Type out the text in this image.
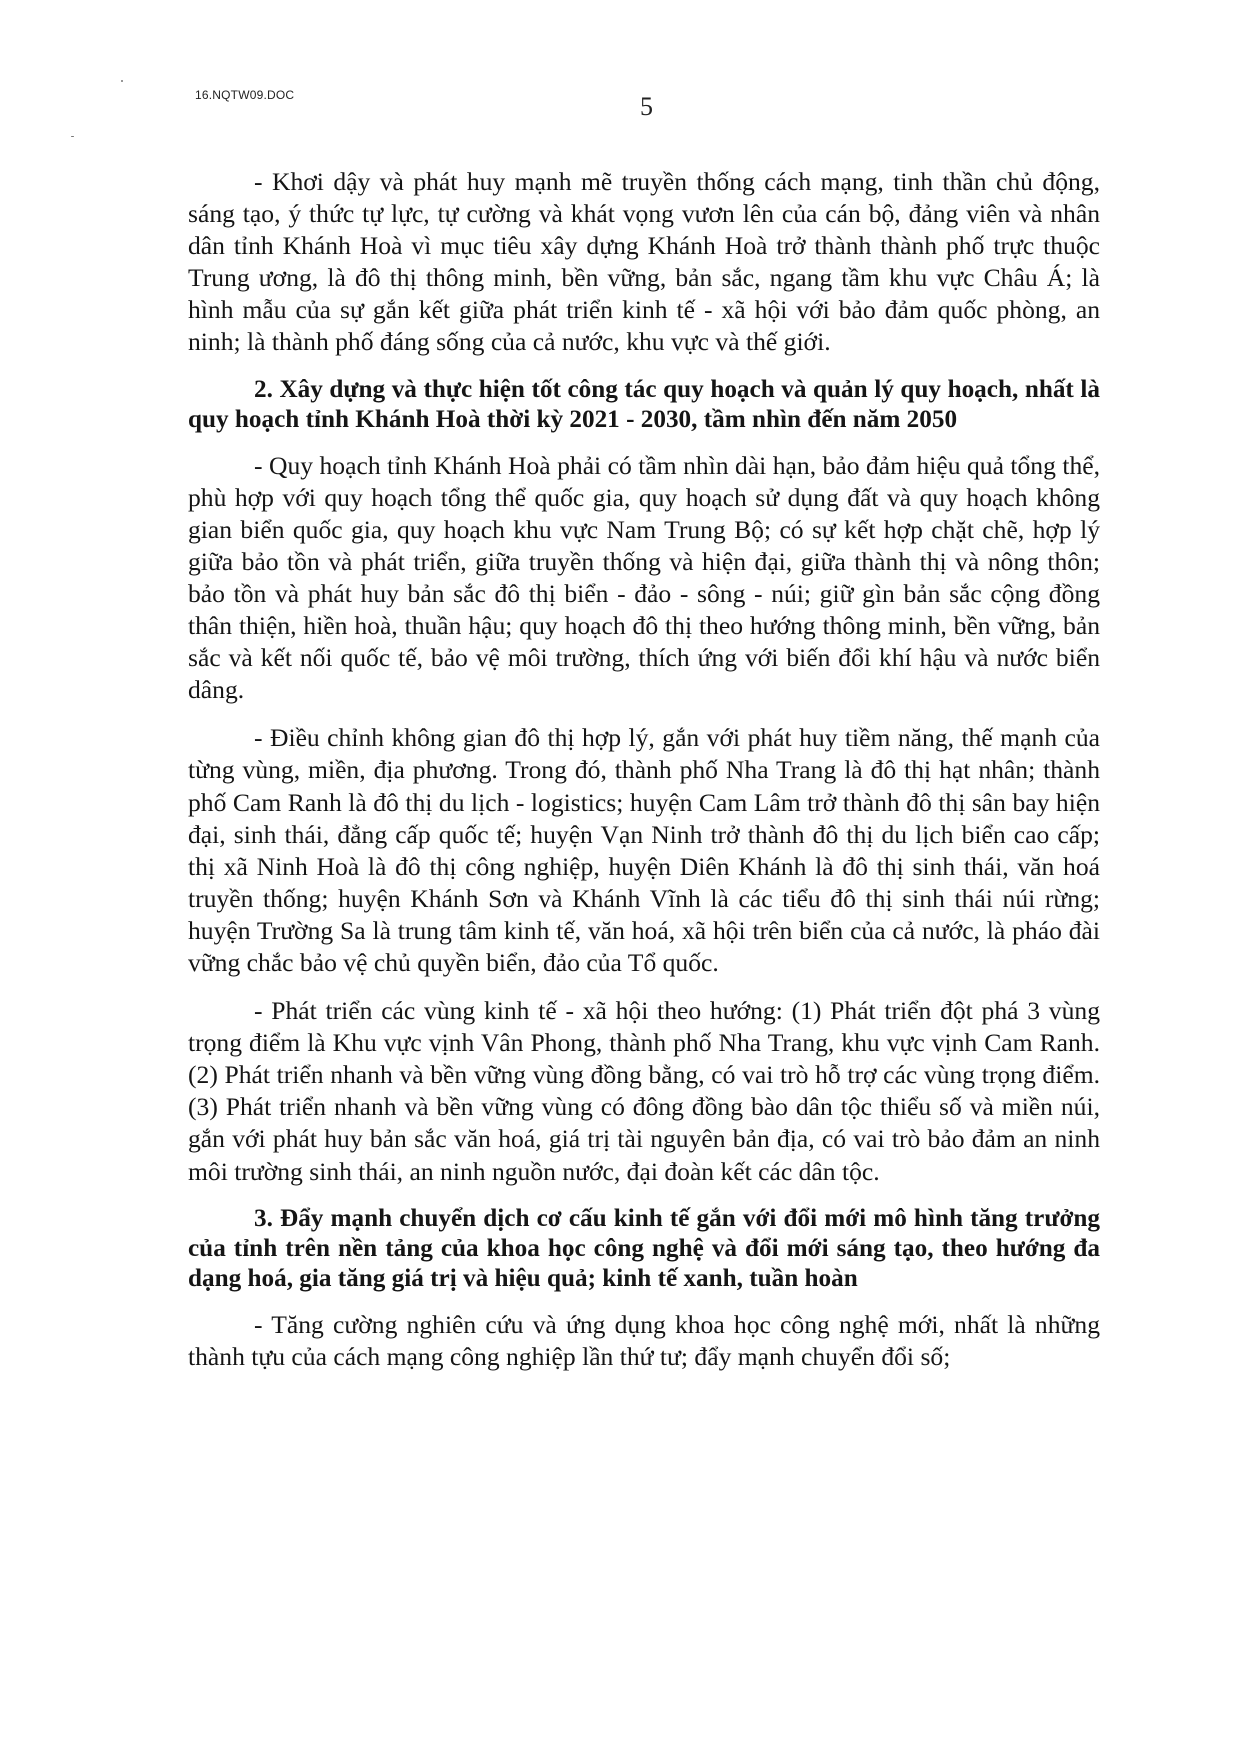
16.NQTW09.DOC	5

- Khơi dậy và phát huy mạnh mẽ truyền thống cách mạng, tinh thần chủ động, sáng tạo, ý thức tự lực, tự cường và khát vọng vươn lên của cán bộ, đảng viên và nhân dân tỉnh Khánh Hoà vì mục tiêu xây dựng Khánh Hoà trở thành thành phố trực thuộc Trung ương, là đô thị thông minh, bền vững, bản sắc, ngang tầm khu vực Châu Á; là hình mẫu của sự gắn kết giữa phát triển kinh tế - xã hội với bảo đảm quốc phòng, an ninh; là thành phố đáng sống của cả nước, khu vực và thế giới.

2. Xây dựng và thực hiện tốt công tác quy hoạch và quản lý quy hoạch, nhất là quy hoạch tỉnh Khánh Hoà thời kỳ 2021 - 2030, tầm nhìn đến năm 2050

- Quy hoạch tỉnh Khánh Hoà phải có tầm nhìn dài hạn, bảo đảm hiệu quả tổng thể, phù hợp với quy hoạch tổng thể quốc gia, quy hoạch sử dụng đất và quy hoạch không gian biển quốc gia, quy hoạch khu vực Nam Trung Bộ; có sự kết hợp chặt chẽ, hợp lý giữa bảo tồn và phát triển, giữa truyền thống và hiện đại, giữa thành thị và nông thôn; bảo tồn và phát huy bản sắc đô thị biển - đảo - sông - núi; giữ gìn bản sắc cộng đồng thân thiện, hiền hoà, thuần hậu; quy hoạch đô thị theo hướng thông minh, bền vững, bản sắc và kết nối quốc tế, bảo vệ môi trường, thích ứng với biến đổi khí hậu và nước biển dâng.

- Điều chỉnh không gian đô thị hợp lý, gắn với phát huy tiềm năng, thế mạnh của từng vùng, miền, địa phương. Trong đó, thành phố Nha Trang là đô thị hạt nhân; thành phố Cam Ranh là đô thị du lịch - logistics; huyện Cam Lâm trở thành đô thị sân bay hiện đại, sinh thái, đẳng cấp quốc tế; huyện Vạn Ninh trở thành đô thị du lịch biển cao cấp; thị xã Ninh Hoà là đô thị công nghiệp, huyện Diên Khánh là đô thị sinh thái, văn hoá truyền thống; huyện Khánh Sơn và Khánh Vĩnh là các tiểu đô thị sinh thái núi rừng; huyện Trường Sa là trung tâm kinh tế, văn hoá, xã hội trên biển của cả nước, là pháo đài vững chắc bảo vệ chủ quyền biển, đảo của Tổ quốc.

- Phát triển các vùng kinh tế - xã hội theo hướng: (1) Phát triển đột phá 3 vùng trọng điểm là Khu vực vịnh Vân Phong, thành phố Nha Trang, khu vực vịnh Cam Ranh. (2) Phát triển nhanh và bền vững vùng đồng bằng, có vai trò hỗ trợ các vùng trọng điểm. (3) Phát triển nhanh và bền vững vùng có đông đồng bào dân tộc thiểu số và miền núi, gắn với phát huy bản sắc văn hoá, giá trị tài nguyên bản địa, có vai trò bảo đảm an ninh môi trường sinh thái, an ninh nguồn nước, đại đoàn kết các dân tộc.

3. Đẩy mạnh chuyển dịch cơ cấu kinh tế gắn với đổi mới mô hình tăng trưởng của tỉnh trên nền tảng của khoa học công nghệ và đổi mới sáng tạo, theo hướng đa dạng hoá, gia tăng giá trị và hiệu quả; kinh tế xanh, tuần hoàn

- Tăng cường nghiên cứu và ứng dụng khoa học công nghệ mới, nhất là những thành tựu của cách mạng công nghiệp lần thứ tư; đẩy mạnh chuyển đổi số;
